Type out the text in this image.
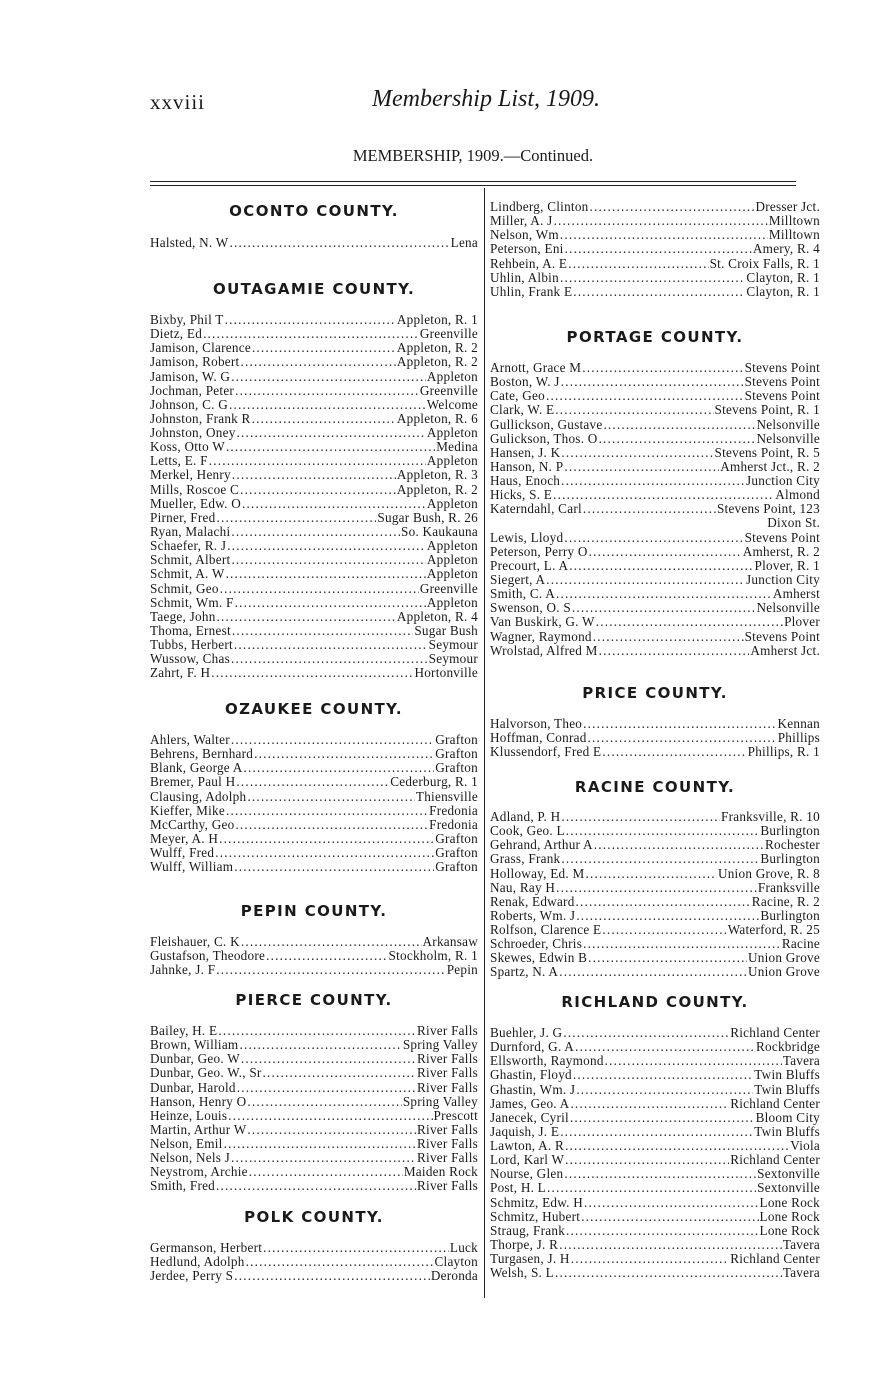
xxviii	Membership List, 1909.
MEMBERSHIP, 1909.—Continued.
OCONTO COUNTY.
Halsted, N. W .....	Lena
OUTAGAMIE COUNTY.
Bixby, Phil T .....	Appleton, R. 1
Dietz, Ed .....	Greenville
Jamison, Clarence .....	Appleton, R. 2
Jamison, Robert .....	Appleton, R. 2
Jamison, W. G .....	Appleton
Jochman, Peter .....	Greenville
Johnson, C. G .....	Welcome
Johnston, Frank R .....	Appleton, R. 6
Johnston, Oney .....	Appleton
Koss, Otto W .....	Medina
Letts, E. F .....	Appleton
Merkel, Henry .....	Appleton, R. 3
Mills, Roscoe C .....	Appleton, R. 2
Mueller, Edw. O .....	Appleton
Pirner, Fred .....	Sugar Bush, R. 26
Ryan, Malachi .....	So. Kaukauna
Schaefer, R. J .....	Appleton
Schmit, Albert .....	Appleton
Schmit, A. W .....	Appleton
Schmit, Geo .....	Greenville
Schmit, Wm. F .....	Appleton
Taege, John .....	Appleton, R. 4
Thoma, Ernest .....	Sugar Bush
Tubbs, Herbert .....	Seymour
Wussow, Chas .....	Seymour
Zahrt, F. H .....	Hortonville
OZAUKEE COUNTY.
Ahlers, Walter .....	Grafton
Behrens, Bernhard .....	Grafton
Blank, George A .....	Grafton
Bremer, Paul H .....	Cederburg, R. 1
Clausing, Adolph .....	Thiensville
Kieffer, Mike .....	Fredonia
McCarthy, Geo .....	Fredonia
Meyer, A. H .....	Grafton
Wulff, Fred .....	Grafton
Wulff, William .....	Grafton
PEPIN COUNTY.
Fleishauer, C. K .....	Arkansaw
Gustafson, Theodore .....	Stockholm, R. 1
Jahnke, J. F .....	Pepin
PIERCE COUNTY.
Bailey, H. E .....	River Falls
Brown, William .....	Spring Valley
Dunbar, Geo. W .....	River Falls
Dunbar, Geo. W., Sr .....	River Falls
Dunbar, Harold .....	River Falls
Hanson, Henry O .....	Spring Valley
Heinze, Louis .....	Prescott
Martin, Arthur W .....	River Falls
Nelson, Emil .....	River Falls
Nelson, Nels J .....	River Falls
Neystrom, Archie .....	Maiden Rock
Smith, Fred .....	River Falls
POLK COUNTY.
Germanson, Herbert .....	Luck
Hedlund, Adolph .....	Clayton
Jerdee, Perry S .....	Deronda
Lindberg, Clinton .....	Dresser Jct.
Miller, A. J .....	Milltown
Nelson, Wm .....	Milltown
Peterson, Eni .....	Amery, R. 4
Rehbein, A. E .....	St. Croix Falls, R. 1
Uhlin, Albin .....	Clayton, R. 1
Uhlin, Frank E .....	Clayton, R. 1
PORTAGE COUNTY.
Arnott, Grace M .....	Stevens Point
Boston, W. J .....	Stevens Point
Cate, Geo .....	Stevens Point
Clark, W. E .....	Stevens Point, R. 1
Gullickson, Gustave .....	Nelsonville
Gulickson, Thos. O .....	Nelsonville
Hansen, J. K .....	Stevens Point, R. 5
Hanson, N. P .....	Amherst Jct., R. 2
Haus, Enoch .....	Junction City
Hicks, S. E .....	Almond
Katerndahl, Carl .....	Stevens Point, 123
Dixon St.
Lewis, Lloyd .....	Stevens Point
Peterson, Perry O .....	Amherst, R. 2
Precourt, L. A .....	Plover, R. 1
Siegert, A .....	Junction City
Smith, C. A .....	Amherst
Swenson, O. S .....	Nelsonville
Van Buskirk, G. W .....	Plover
Wagner, Raymond .....	Stevens Point
Wrolstad, Alfred M .....	Amherst Jct.
PRICE COUNTY.
Halvorson, Theo .....	Kennan
Hoffman, Conrad .....	Phillips
Klussendorf, Fred E .....	Phillips, R. 1
RACINE COUNTY.
Adland, P. H .....	Franksville, R. 10
Cook, Geo. L .....	Burlington
Gehrand, Arthur A .....	Rochester
Grass, Frank .....	Burlington
Holloway, Ed. M .....	Union Grove, R. 8
Nau, Ray H .....	Franksville
Renak, Edward .....	Racine, R. 2
Roberts, Wm. J .....	Burlington
Rolfson, Clarence E .....	Waterford, R. 25
Schroeder, Chris .....	Racine
Skewes, Edwin B .....	Union Grove
Spartz, N. A .....	Union Grove
RICHLAND COUNTY.
Buehler, J. G .....	Richland Center
Durnford, G. A .....	Rockbridge
Ellsworth, Raymond .....	Tavera
Ghastin, Floyd .....	Twin Bluffs
Ghastin, Wm. J .....	Twin Bluffs
James, Geo. A .....	Richland Center
Janecek, Cyril .....	Bloom City
Jaquish, J. E .....	Twin Bluffs
Lawton, A. R .....	Viola
Lord, Karl W .....	Richland Center
Nourse, Glen .....	Sextonville
Post, H. L .....	Sextonville
Schmitz, Edw. H .....	Lone Rock
Schmitz, Hubert .....	Lone Rock
Straug, Frank .....	Lone Rock
Thorpe, J. R .....	Tavera
Turgasen, J. H .....	Richland Center
Welsh, S. L .....	Tavera
